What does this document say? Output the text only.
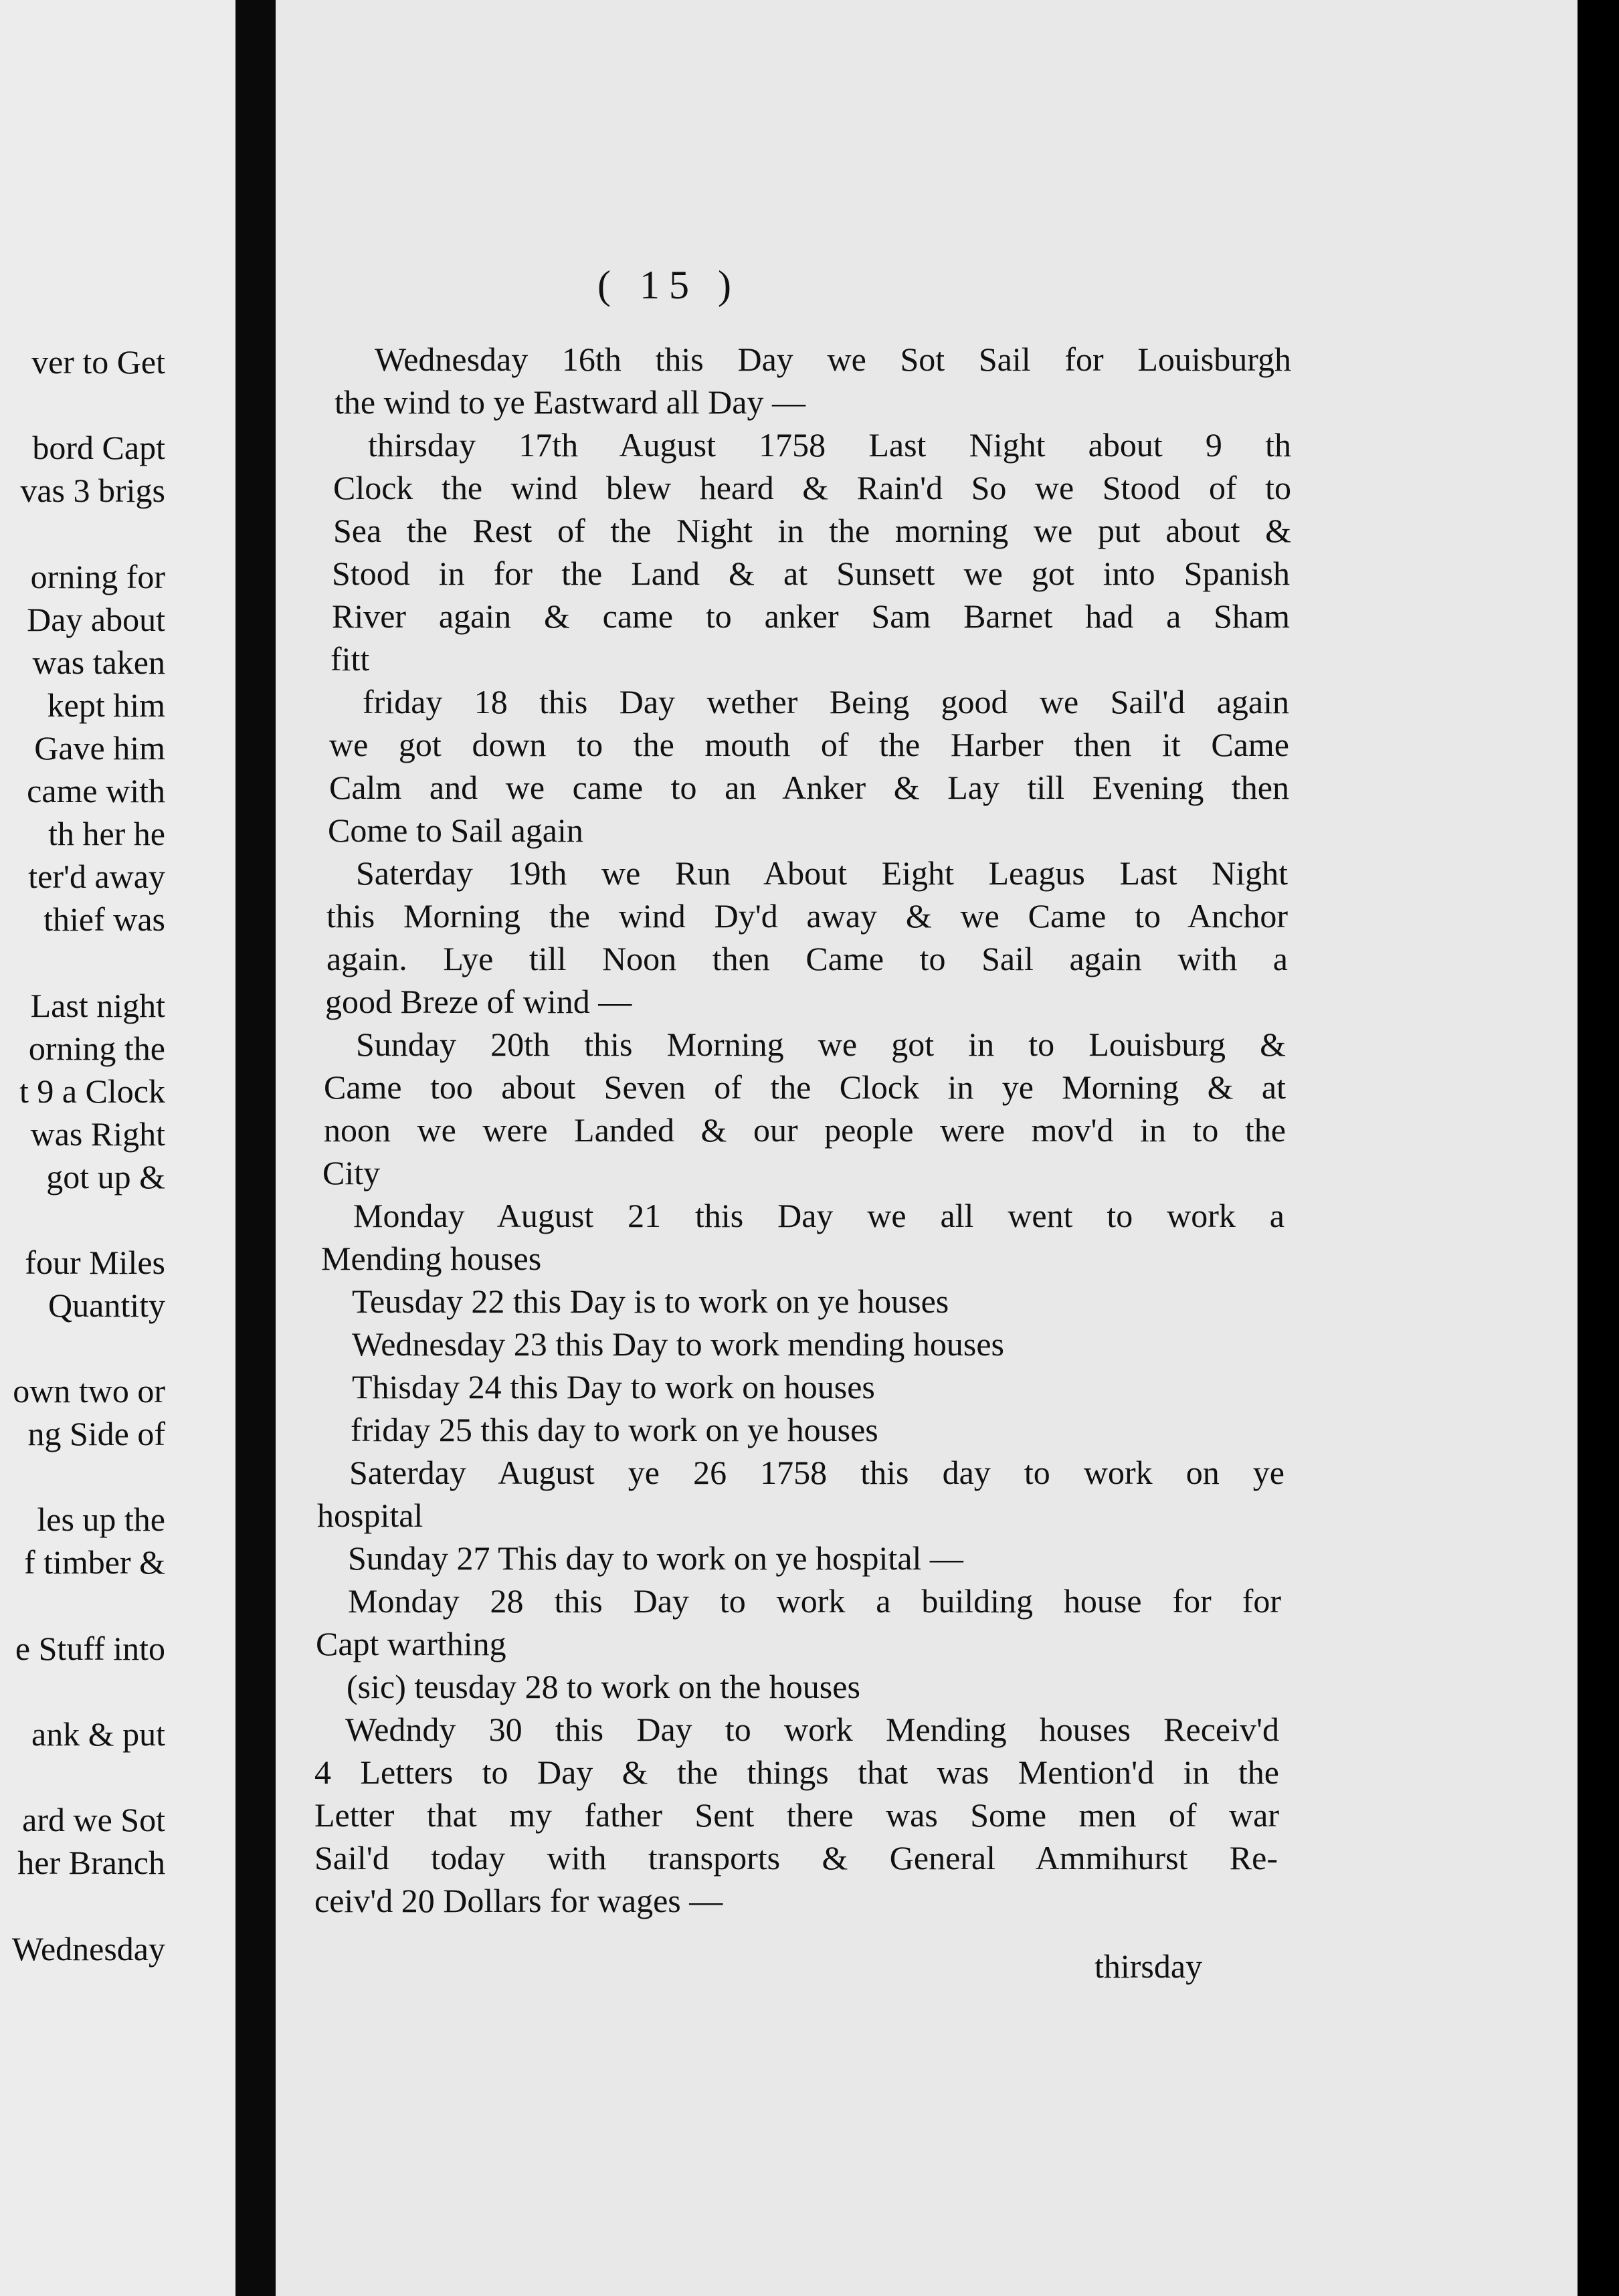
ver to Get
bord Capt
vas 3 brigs
orning for
Day about
was taken
kept him
Gave him
came with
th her he
ter'd away
thief was
Last night
orning the
t 9 a Clock
was Right
got up &
four Miles
Quantity
own two or
ng Side of
les up the
f timber &
e Stuff into
ank & put
ard we Sot
her Branch
Wednesday
( 15 )
Wednesday 16th this Day we Sot Sail for Louisburgh
the wind to ye Eastward all Day —
thirsday 17th August 1758 Last Night about 9 th
Clock the wind blew heard & Rain'd So we Stood of to
Sea the Rest of the Night in the morning we put about &
Stood in for the Land & at Sunsett we got into Spanish
River again & came to anker Sam Barnet had a Sham
fitt
friday 18 this Day wether Being good we Sail'd again
we got down to the mouth of the Harber then it Came
Calm and we came to an Anker & Lay till Evening then
Come to Sail again
Saterday 19th we Run About Eight Leagus Last Night
this Morning the wind Dy'd away & we Came to Anchor
again. Lye till Noon then Came to Sail again with a
good Breze of wind —
Sunday 20th this Morning we got in to Louisburg &
Came too about Seven of the Clock in ye Morning & at
noon we were Landed & our people were mov'd in to the
City
Monday August 21 this Day we all went to work a
Mending houses
Teusday 22 this Day is to work on ye houses
Wednesday 23 this Day to work mending houses
Thisday 24 this Day to work on houses
friday 25 this day to work on ye houses
Saterday August ye 26 1758 this day to work on ye
hospital
Sunday 27 This day to work on ye hospital —
Monday 28 this Day to work a building house for for
Capt warthing
(sic) teusday 28 to work on the houses
Wedndy 30 this Day to work Mending houses Receiv'd
4 Letters to Day & the things that was Mention'd in the
Letter that my father Sent there was Some men of war
Sail'd today with transports & General Ammihurst Re-
ceiv'd 20 Dollars for wages —
thirsday
